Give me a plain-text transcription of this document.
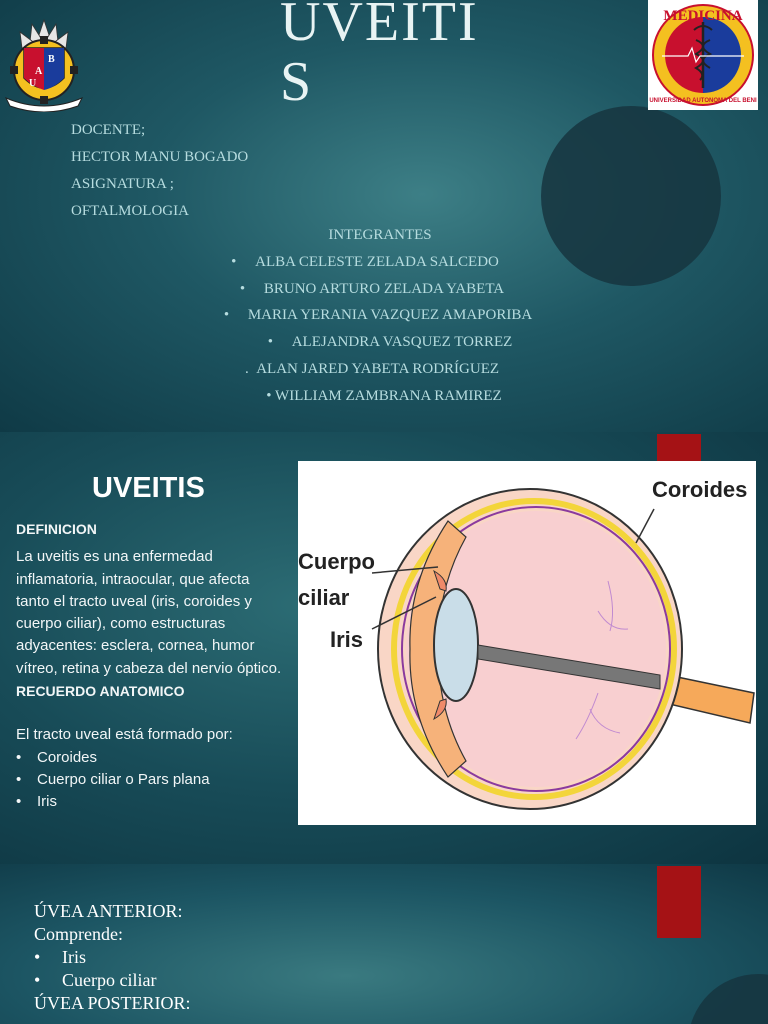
B
A
U
MEDICINA
UNIVERSIDAD AUTONOMA DEL BENI
UVEITI
S
DOCENTE;
HECTOR MANU BOGADO
ASIGNATURA ;
OFTALMOLOGIA
INTEGRANTES
• ALBA CELESTE ZELADA SALCEDO
• BRUNO ARTURO ZELADA YABETA
• MARIA YERANIA VAZQUEZ AMAPORIBA
• ALEJANDRA VASQUEZ TORREZ
. ALAN JARED YABETA RODRÍGUEZ
• WILLIAM ZAMBRANA RAMIREZ
UVEITIS

DEFINICION

La uveitis es una enfermedad inflamatoria, intraocular, que afecta tanto el tracto uveal (iris, coroides y cuerpo ciliar), como estructuras adyacentes: esclera, cornea, humor vítreo, retina y cabeza del nervio óptico.

RECUERDO ANATOMICO

El tracto uveal está formado por:

•	Coroides
•	Cuerpo ciliar o Pars plana
•	Iris
Coroides
Cuerpo
ciliar
Iris
ÚVEA ANTERIOR:
Comprende:
•	Iris
•	Cuerpo ciliar
ÚVEA POSTERIOR:
